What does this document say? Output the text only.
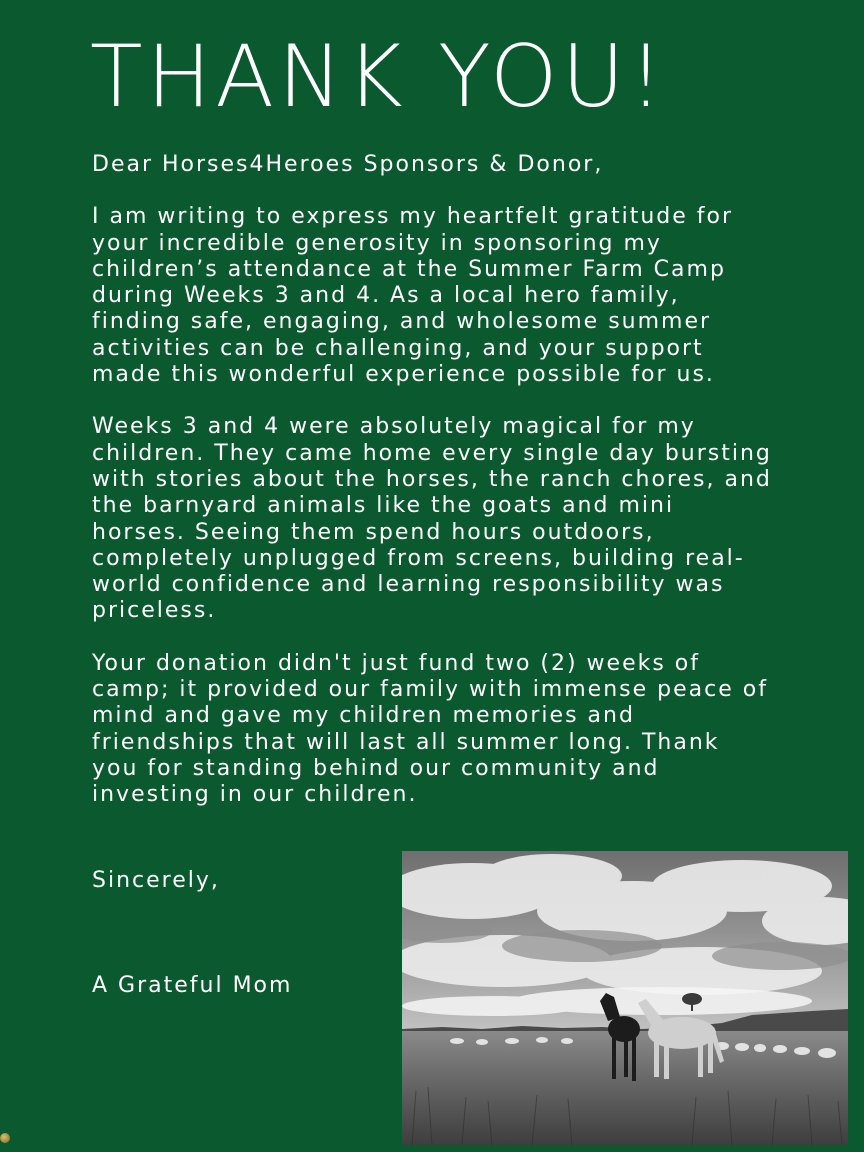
THANK YOU!

Dear Horses4Heroes Sponsors & Donor,

I am writing to express my heartfelt gratitude for your incredible generosity in sponsoring my children’s attendance at the Summer Farm Camp during Weeks 3 and 4. As a local hero family, finding safe, engaging, and wholesome summer activities can be challenging, and your support made this wonderful experience possible for us.

Weeks 3 and 4 were absolutely magical for my children. They came home every single day bursting with stories about the horses, the ranch chores, and the barnyard animals like the goats and mini horses. Seeing them spend hours outdoors, completely unplugged from screens, building real-world confidence and learning responsibility was priceless.

Your donation didn't just fund two (2) weeks of camp; it provided our family with immense peace of mind and gave my children memories and friendships that will last all summer long. Thank you for standing behind our community and investing in our children.

Sincerely,
A Grateful Mom
